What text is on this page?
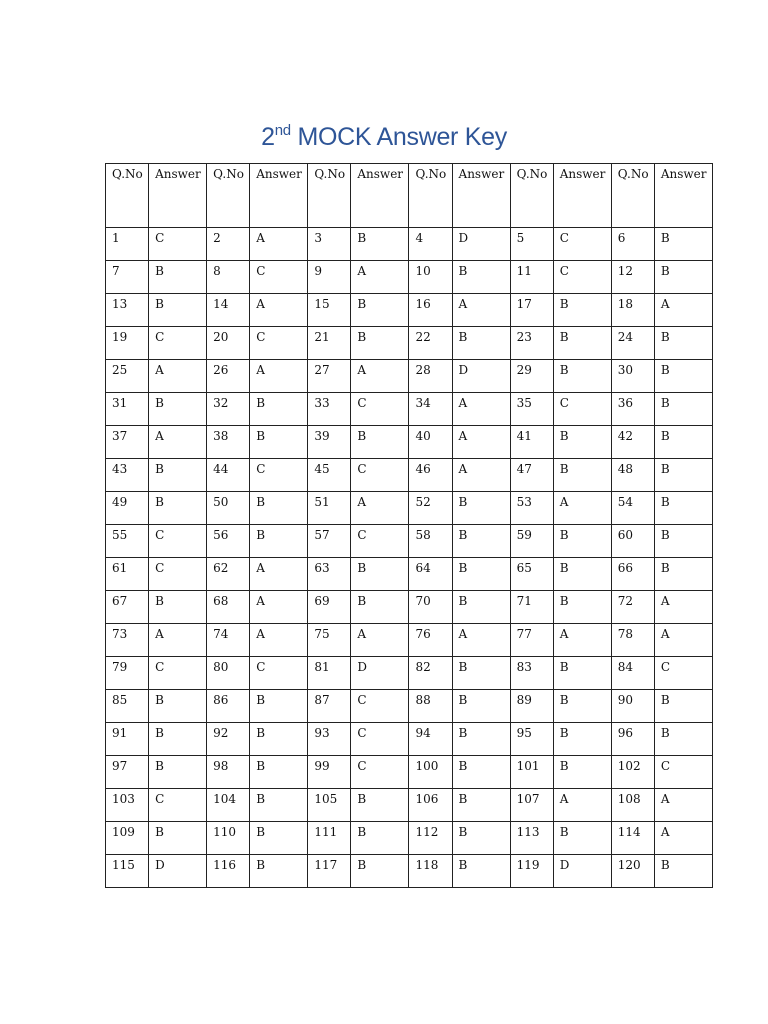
2nd MOCK Answer Key
Q.No	Answer	Q.No	Answer	Q.No	Answer	Q.No	Answer	Q.No	Answer	Q.No	Answer
1	C	2	A	3	B	4	D	5	C	6	B
7	B	8	C	9	A	10	B	11	C	12	B
13	B	14	A	15	B	16	A	17	B	18	A
19	C	20	C	21	B	22	B	23	B	24	B
25	A	26	A	27	A	28	D	29	B	30	B
31	B	32	B	33	C	34	A	35	C	36	B
37	A	38	B	39	B	40	A	41	B	42	B
43	B	44	C	45	C	46	A	47	B	48	B
49	B	50	B	51	A	52	B	53	A	54	B
55	C	56	B	57	C	58	B	59	B	60	B
61	C	62	A	63	B	64	B	65	B	66	B
67	B	68	A	69	B	70	B	71	B	72	A
73	A	74	A	75	A	76	A	77	A	78	A
79	C	80	C	81	D	82	B	83	B	84	C
85	B	86	B	87	C	88	B	89	B	90	B
91	B	92	B	93	C	94	B	95	B	96	B
97	B	98	B	99	C	100	B	101	B	102	C
103	C	104	B	105	B	106	B	107	A	108	A
109	B	110	B	111	B	112	B	113	B	114	A
115	D	116	B	117	B	118	B	119	D	120	B
